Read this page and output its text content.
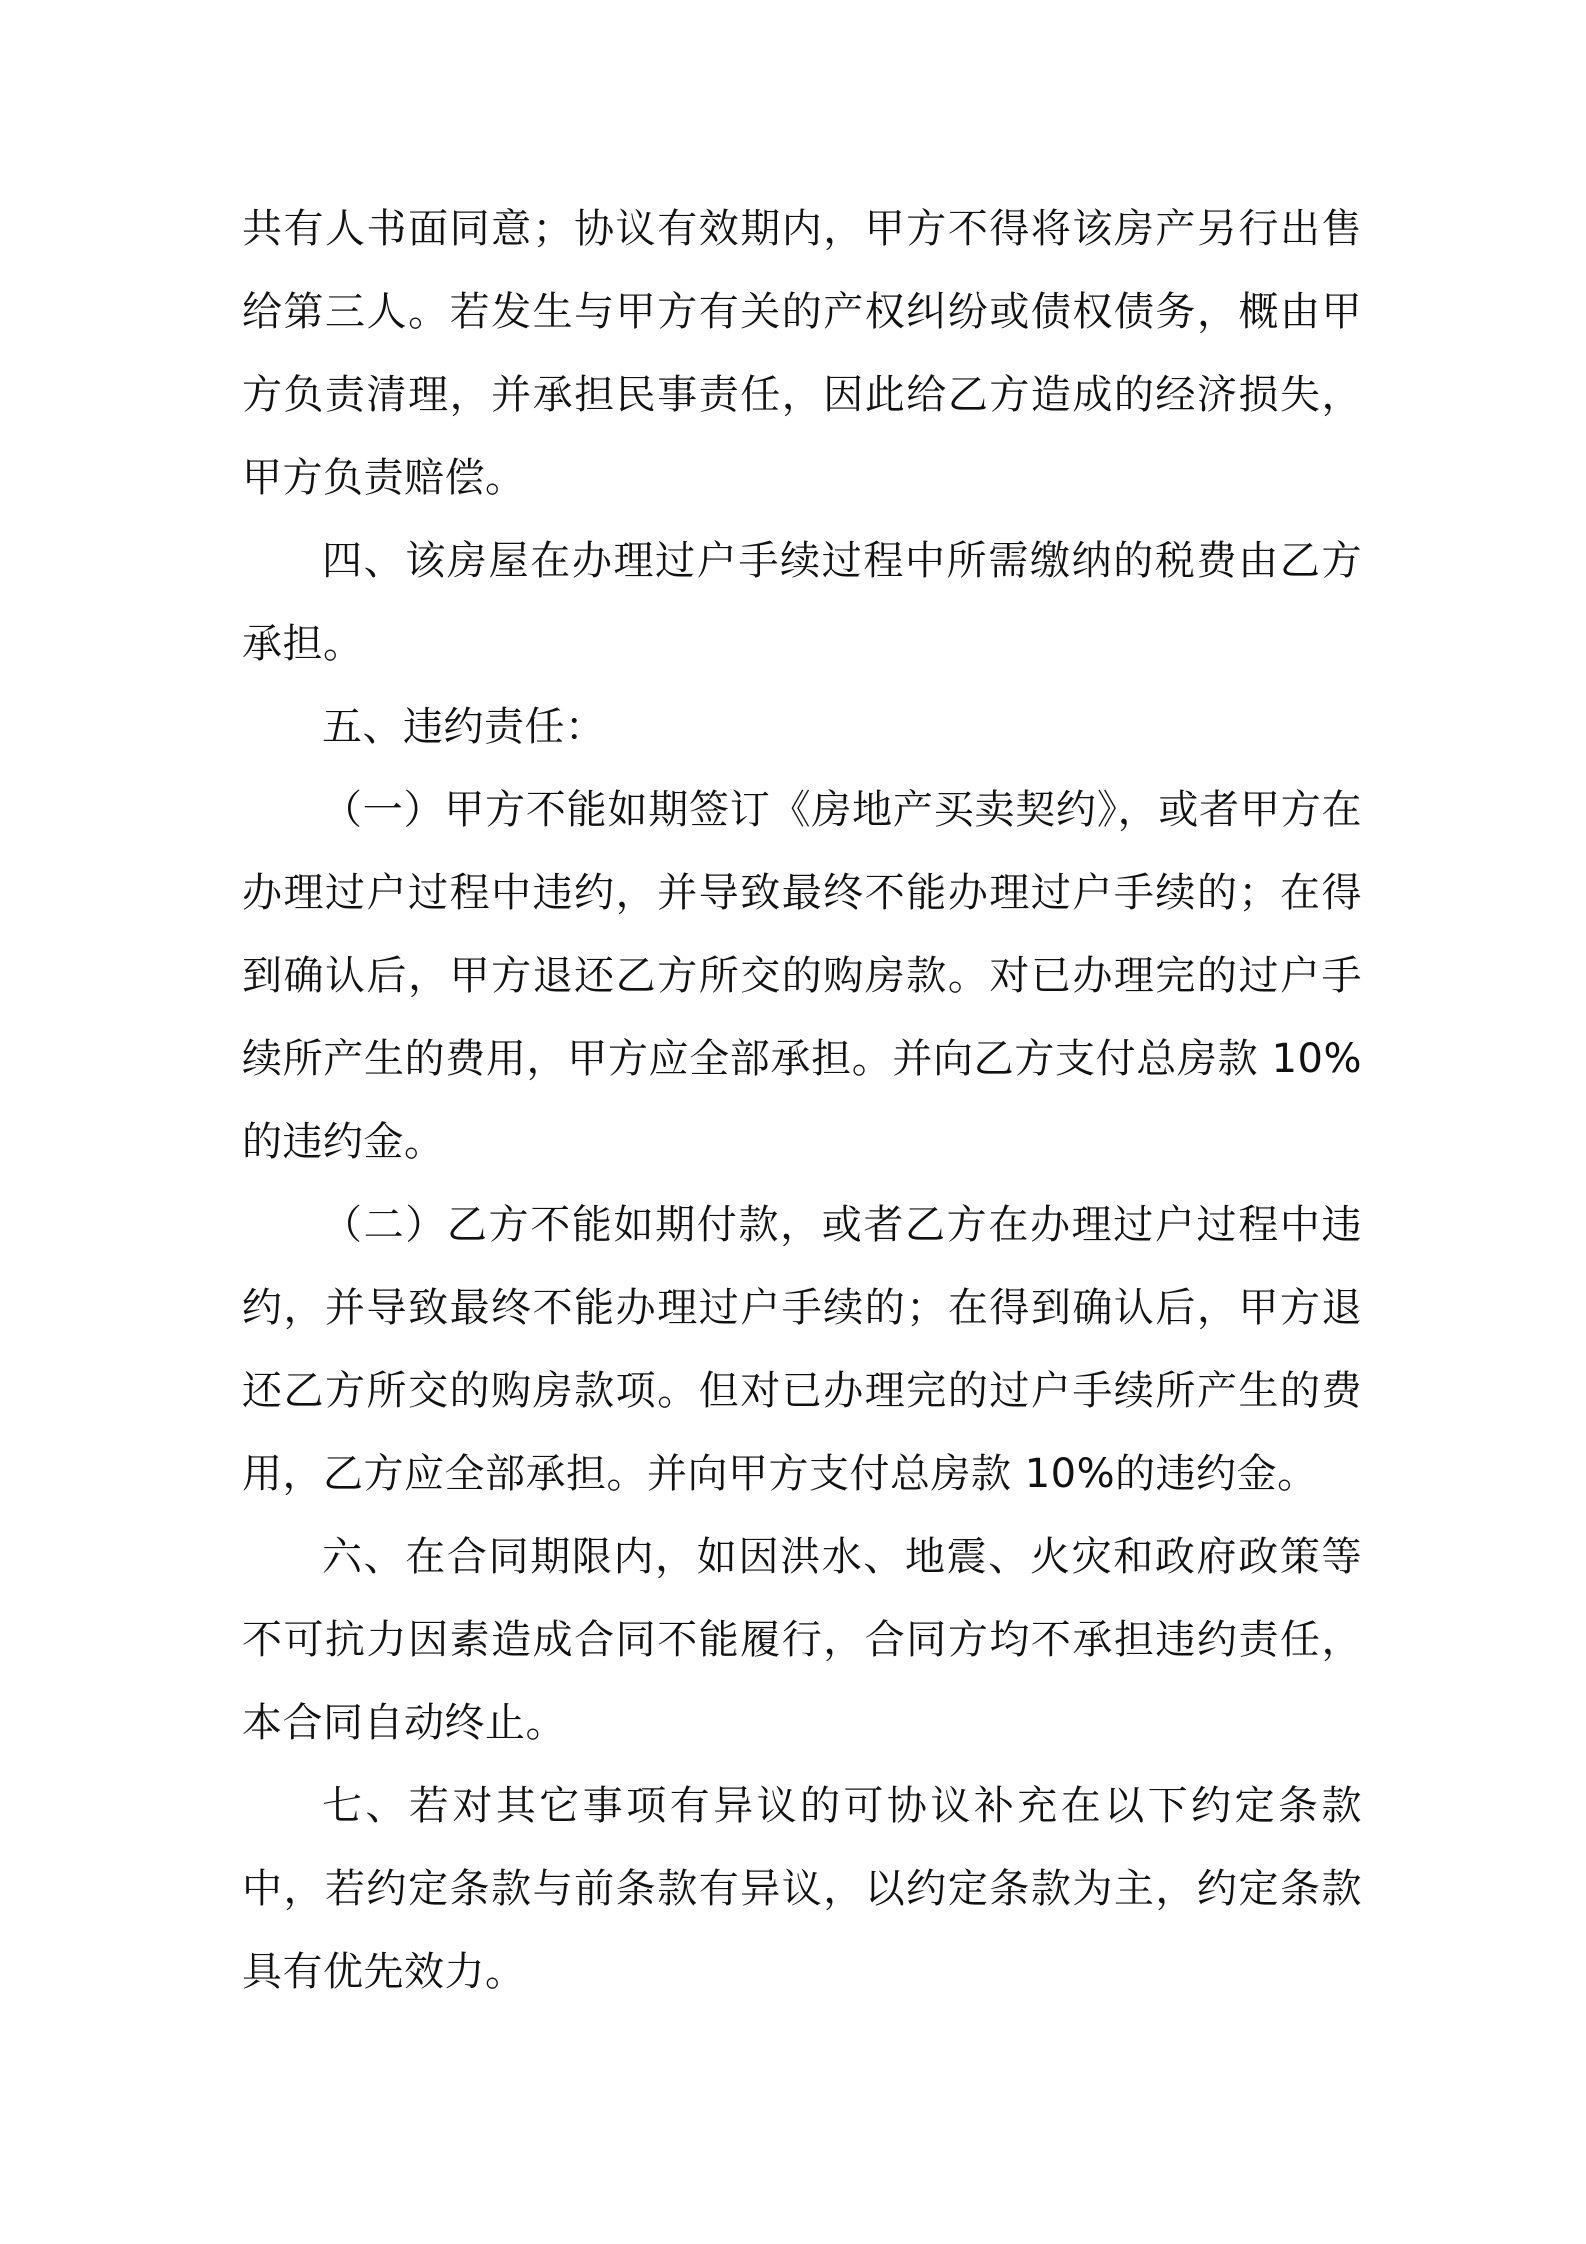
共有人书面同意；协议有效期内，甲方不得将该房产另行出售给第三人。若发生与甲方有关的产权纠纷或债权债务，概由甲方负责清理，并承担民事责任，因此给乙方造成的经济损失，甲方负责赔偿。

四、该房屋在办理过户手续过程中所需缴纳的税费由乙方承担。

五、违约责任：

（一）甲方不能如期签订《房地产买卖契约》，或者甲方在办理过户过程中违约，并导致最终不能办理过户手续的；在得到确认后，甲方退还乙方所交的购房款。对已办理完的过户手续所产生的费用，甲方应全部承担。并向乙方支付总房款 10%的违约金。

（二）乙方不能如期付款，或者乙方在办理过户过程中违约，并导致最终不能办理过户手续的；在得到确认后，甲方退还乙方所交的购房款项。但对已办理完的过户手续所产生的费用，乙方应全部承担。并向甲方支付总房款 10%的违约金。

六、在合同期限内，如因洪水、地震、火灾和政府政策等不可抗力因素造成合同不能履行，合同方均不承担违约责任，本合同自动终止。

七、若对其它事项有异议的可协议补充在以下约定条款中，若约定条款与前条款有异议，以约定条款为主，约定条款具有优先效力。
